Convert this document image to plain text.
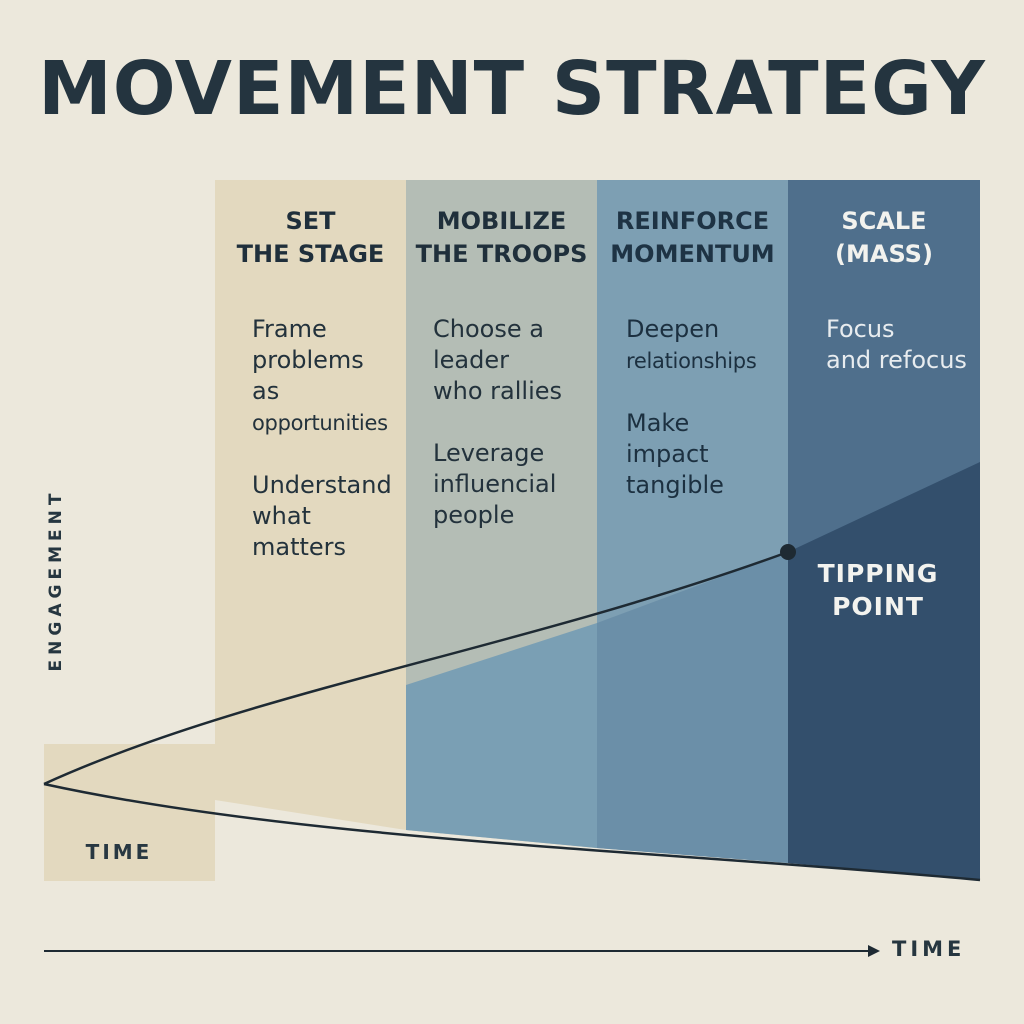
MOVEMENT STRATEGY
SET
THE STAGE
MOBILIZE
THE TROOPS
REINFORCE
MOMENTUM
SCALE
(MASS)

Frame
problems
as
opportunities

Understand
what
matters

Choose a
leader
who rallies

Leverage
influencial
people

Deepen
relationships

Make
impact
tangible

Focus
and refocus

TIPPING
POINT
ENGAGEMENT
TIME
TIME
